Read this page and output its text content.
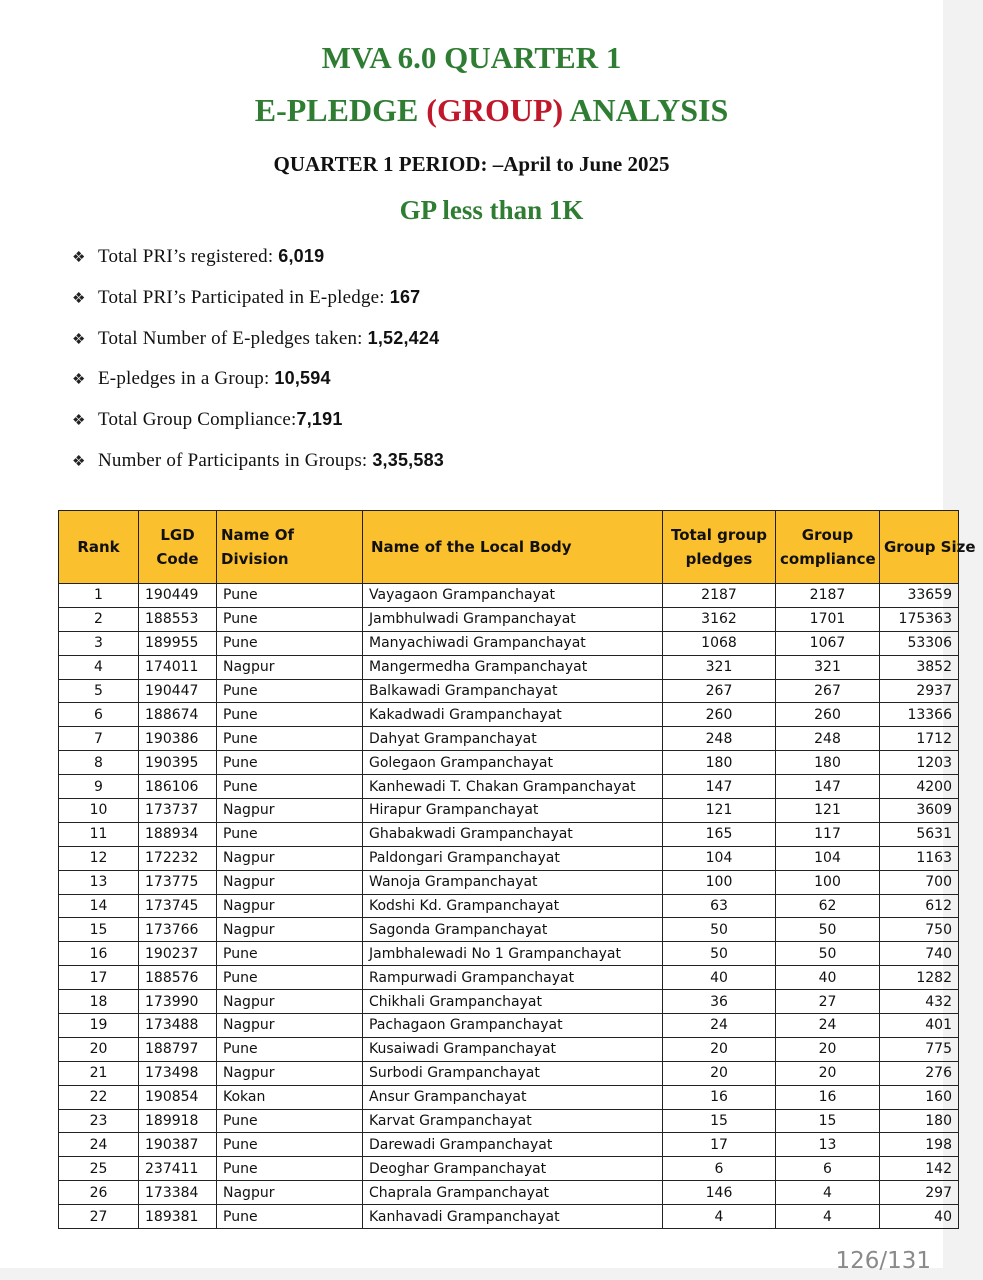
MVA 6.0 QUARTER 1
E-PLEDGE (GROUP) ANALYSIS
QUARTER 1 PERIOD: –April to June 2025
GP less than 1K
❖ Total PRI’s registered: 6,019
❖ Total PRI’s Participated in E-pledge: 167
❖ Total Number of E-pledges taken: 1,52,424
❖ E-pledges in a Group: 10,594
❖ Total Group Compliance:7,191
❖ Number of Participants in Groups: 3,35,583
Rank	LGD Code	Name Of Division	Name of the Local Body	Total group pledges	Group compliance	Group Size
1	190449	Pune	Vayagaon Grampanchayat	2187	2187	33659
2	188553	Pune	Jambhulwadi Grampanchayat	3162	1701	175363
3	189955	Pune	Manyachiwadi Grampanchayat	1068	1067	53306
4	174011	Nagpur	Mangermedha Grampanchayat	321	321	3852
5	190447	Pune	Balkawadi Grampanchayat	267	267	2937
6	188674	Pune	Kakadwadi Grampanchayat	260	260	13366
7	190386	Pune	Dahyat Grampanchayat	248	248	1712
8	190395	Pune	Golegaon Grampanchayat	180	180	1203
9	186106	Pune	Kanhewadi T. Chakan Grampanchayat	147	147	4200
10	173737	Nagpur	Hirapur Grampanchayat	121	121	3609
11	188934	Pune	Ghabakwadi Grampanchayat	165	117	5631
12	172232	Nagpur	Paldongari Grampanchayat	104	104	1163
13	173775	Nagpur	Wanoja Grampanchayat	100	100	700
14	173745	Nagpur	Kodshi Kd. Grampanchayat	63	62	612
15	173766	Nagpur	Sagonda Grampanchayat	50	50	750
16	190237	Pune	Jambhalewadi No 1 Grampanchayat	50	50	740
17	188576	Pune	Rampurwadi Grampanchayat	40	40	1282
18	173990	Nagpur	Chikhali Grampanchayat	36	27	432
19	173488	Nagpur	Pachagaon Grampanchayat	24	24	401
20	188797	Pune	Kusaiwadi Grampanchayat	20	20	775
21	173498	Nagpur	Surbodi Grampanchayat	20	20	276
22	190854	Kokan	Ansur Grampanchayat	16	16	160
23	189918	Pune	Karvat Grampanchayat	15	15	180
24	190387	Pune	Darewadi Grampanchayat	17	13	198
25	237411	Pune	Deoghar Grampanchayat	6	6	142
26	173384	Nagpur	Chaprala Grampanchayat	146	4	297
27	189381	Pune	Kanhavadi Grampanchayat	4	4	40
126/131
